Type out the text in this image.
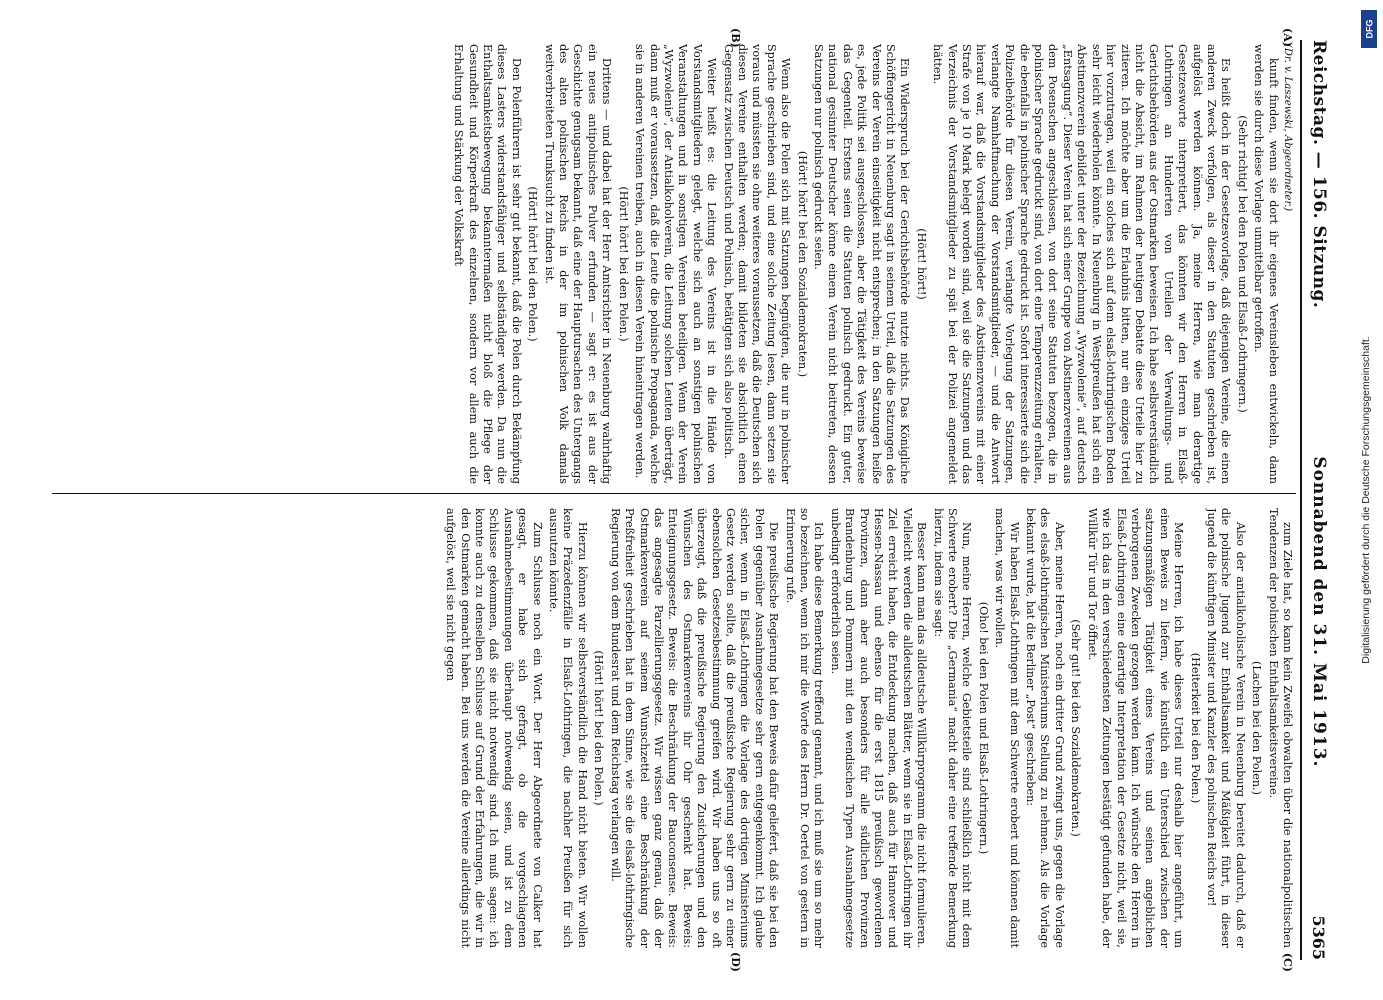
Reichstag. — 156. Sitzung.
Sonnabend den 31. Mai 1913.
5365
(A)
(B)
(C)
(D)
(Dr. v. Laszewski, Abgeordneter.)

kunft finden, wenn sie dort ihr eigenes Vereinsleben entwickeln, dann werden sie durch diese Vorlage unmittelbar getroffen.

(Sehr richtig! bei den Polen und Elsaß-Lothringern.)

Es heißt doch in der Gesetzesvorlage, daß diejenigen Vereine, die einen anderen Zweck verfolgen, als dieser in den Statuten geschrieben ist, aufgelöst werden können. Ja, meine Herren, wie man derartige Gesetzesworte interpretiert, das könnten wir den Herren in Elsaß-Lothringen an Hunderten von Urteilen der Verwaltungs- und Gerichtsbehörden aus der Ostmarken beweisen. Ich habe selbstverständlich nicht die Absicht, im Rahmen der heutigen Debatte diese Urteile hier zu zitieren. Ich möchte aber um die Erlaubnis bitten, nur ein einziges Urteil hier vorzutragen, weil ein solches sich auf dem elsaß-lothringischen Boden sehr leicht wiederholen könnte. In Neuenburg in Westpreußen hat sich ein Abstinenzverein gebildet unter der Bezeichnung „Wyzwolenie“, auf deutsch „Entsagung“. Dieser Verein hat sich einer Gruppe von Abstinenzvereinen aus dem Posenschen angeschlossen, von dort seine Statuten bezogen, die in polnischer Sprache gedruckt sind, von dort eine Temperenzzeitung erhalten, die ebenfalls in polnischer Sprache gedruckt ist. Sofort interessierte sich die Polizeibehörde für diesen Verein, verlangte Vorlegung der Satzungen, verlangte Namhaftmachung der Vorstandsmitglieder, — und die Antwort hierauf war, daß die Vorstandsmitglieder des Abstinenzvereins mit einer Strafe von je 10 Mark belegt worden sind, weil sie die Satzungen und das Verzeichnis der Vorstandsmitglieder zu spät bei der Polizei angemeldet hätten.

(Hört! hört!)

Ein Widerspruch bei der Gerichtsbehörde nutzte nichts. Das Königliche Schöffengericht in Neuenburg sagt in seinem Urteil, daß die Satzungen des Vereins der Verein einseitigkeit nicht entsprechen; in den Satzungen heiße es, jede Politik sei ausgeschlossen, aber die Tätigkeit des Vereins beweise das Gegenteil. Erstens seien die Statuten polnisch gedruckt. Ein guter, national gesinnter Deutscher könne einem Verein nicht beitreten, dessen Satzungen nur polnisch gedruckt seien.

(Hört! hört! bei den Sozialdemokraten.)

Wenn also die Polen sich mit Satzungen begnügten, die nur in polnischer Sprache geschrieben sind, und eine solche Zeitung lesen, dann setzen sie voraus und müssten sie ohne weiteres voraussetzen, daß die Deutschen sich diesen Vereine enthalten werden; damit bildeten sie absichtlich einen Gegensatz zwischen Deutsch und Polnisch, betätigten sich also politisch.

Weiter heißt es: die Leitung des Vereins ist in die Hände von Vorstandsmitgliedern gelegt, welche sich auch an sonstigen polnischen Veranstaltungen und in sonstigen Vereinen beteiligen. Wenn der Verein „Wyzwolenie“, der Antialkoholverein, die Leitung solchen Leuten überträgt, dann muß er voraussetzen, daß die Leute die polnische Propaganda, welche sie in anderen Vereinen treiben, auch in diesen Verein hineintragen werden.

(Hört! hört! bei den Polen.)

Drittens — und dabei hat der Herr Amtsrichter in Neuenburg wahrhaftig ein neues antipolnisches Pulver erfunden — sagt er: es ist aus der Geschichte genugsam bekannt, daß eine der Hauptursachen des Untergangs des alten polnischen Reichs in der im polnischen Volk damals weitverbreiteten Trunksucht zu finden ist.

(Hört! hört! bei den Polen.)

Den Polenführern ist sehr gut bekannt, daß die Polen durch Bekämpfung dieses Lasters widerstandsfähiger und selbständiger werden. Da nun die Enthaltsamkeitsbewegung bekanntermaßen nicht bloß die Pflege der Gesundheit und Körperkraft des einzelnen, sondern vor allem auch die Erhaltung und Stärkung der Volkskraft

zum Ziele hat, so kann kein Zweifel obwalten über die nationalpolitischen Tendenzen der polnischen Enthaltsamkeitsvereine.

(Lachen bei den Polen.)

Also der antialkoholische Verein in Neuenburg bereitet dadurch, daß er die polnische Jugend zur Enthaltsamkeit und Mäßigkeit führt, in dieser Jugend die künftigen Minister und Kanzler des polnischen Reichs vor!

(Heiterkeit bei den Polen.)

Meine Herren, ich habe dieses Urteil nur deshalb hier angeführt, um einen Beweis zu liefern, wie künstlich ein Unterschied zwischen der satzungsmäßigen Tätigkeit eines Vereins und seinen angeblichen verborgenen Zwecken gezogen werden kann. Ich wünsche den Herren in Elsaß-Lothringen eine derartige Interpretation der Gesetze nicht, weil sie, wie ich das in den verschiedensten Zeitungen bestätigt gefunden habe, der Willkür Tür und Tor öffnet.

(Sehr gut! bei den Sozialdemokraten.)

Aber, meine Herren, noch ein dritter Grund zwingt uns, gegen die Vorlage des elsaß-lothringischen Ministeriums Stellung zu nehmen. Als die Vorlage bekannt wurde, hat die Berliner „Post“ geschrieben:

Wir haben Elsaß-Lothringen mit dem Schwerte erobert und können damit machen, was wir wollen.

(Oho! bei den Polen und Elsaß-Lothringern.)

Nun, meine Herren, welche Gebietsteile sind schließlich nicht mit dem Schwerte erobert? Die „Germania“ macht daher eine treffende Bemerkung hierzu, indem sie sagt:

Besser kann man das alldeutsche Willkürprogramm die nicht formulieren. Vielleicht werden die alldeutschen Blätter, wenn sie in Elsaß-Lothringen ihr Ziel erreicht haben, die Entdeckung machen, daß auch für Hannover und Hessen-Nassau und ebenso für die erst 1815 preußisch gewordenen Provinzen, dann aber auch besonders für alle südlichen Provinzen Brandenburg und Pommern mit den wendischen Typen Ausnahmegesetze unbedingt erforderlich seien.

Ich habe diese Bemerkung treffend genannt, und ich muß sie um so mehr so bezeichnen, wenn ich mir die Worte des Herrn Dr. Oertel von gestern in Erinnerung rufe.

Die preußische Regierung hat den Beweis dafür geliefert, daß sie bei den Polen gegenüber Ausnahmegesetze sehr gern entgegenkommt. Ich glaube sicher, wenn in Elsaß-Lothringen die Vorlage des dortigen Ministeriums Gesetz werden sollte, daß die preußische Regierung sehr gern zu einer ebensolchen Gesetzesbestimmung greifen wird. Wir haben uns so oft überzeugt, daß die preußische Regierung den Zusicherungen und den Wünschen des Ostmarkenvereins ihr Ohr geschenkt hat. Beweis: Enteignungsgesetz. Beweis: die Beschränkung der Bauconsense. Beweis: das angesagte Parzellierungsgesetz. Wir wissen ganz genau, daß der Ostmarkenverein auf seinem Wunschzettel eine Beschränkung der Preßfreiheit geschrieben hat in dem Sinne, wie sie die elsaß-lothringische Regierung von dem Bundesrat und dem Reichstag verlangen will.

(Hört! hört! bei den Polen.)

Hierzu können wir selbstverständlich die Hand nicht bieten. Wir wollen keine Präzedenzfälle in Elsaß-Lothringen, die nachher Preußen für sich ausnutzen könnte.

Zum Schlusse noch ein Wort. Der Herr Abgeordnete von Calker hat gesagt, er habe sich gefragt, ob die vorgeschlagenen Ausnahmebestimmungen überhaupt notwendig seien, und ist zu dem Schlusse gekommen, daß sie nicht notwendig sind. Ich muß sagen: ich konnte auch zu denselben Schlusse auf Grund der Erfahrungen, die wir in den Ostmarken gemacht haben. Bei uns werden die Vereine allerdings nicht aufgelöst, weil sie nicht gegen

DFG
Digitalisierung gefördert durch die Deutsche Forschungsgemeinschaft.
